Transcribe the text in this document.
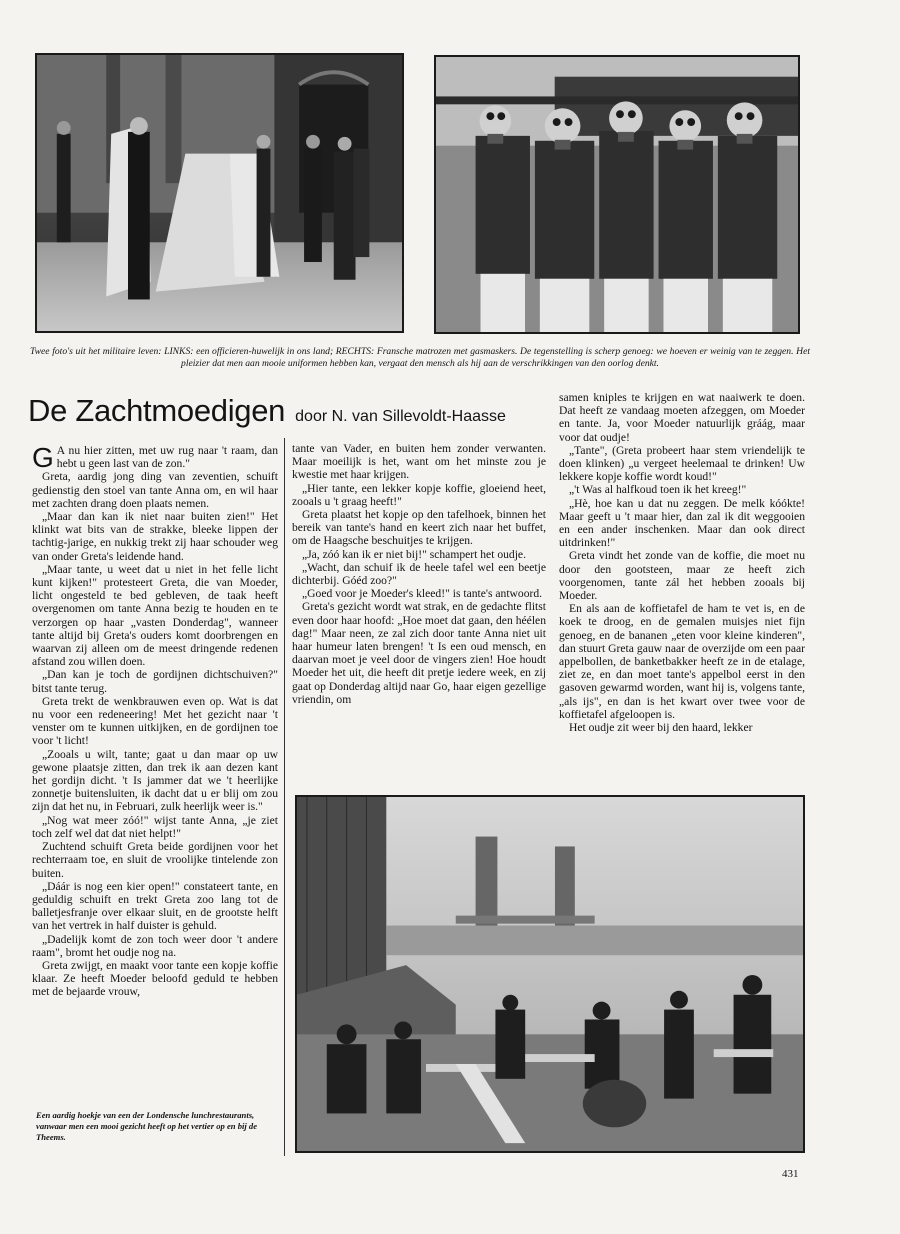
Twee foto's uit het militaire leven: LINKS: een officieren-huwelijk in ons land; RECHTS: Fransche matrozen met gasmaskers. De tegenstelling is scherp genoeg: we hoeven er weinig van te zeggen. Het pleizier dat men aan mooie uniformen hebben kan, vergaat den mensch als hij aan de verschrikkingen van den oorlog denkt.
De Zachtmoedigen door N. van Sillevoldt-Haasse

G A nu hier zitten, met uw rug naar 't raam, dan hebt u geen last van de zon."

Greta, aardig jong ding van zeventien, schuift gedienstig den stoel van tante Anna om, en wil haar met zachten drang doen plaats nemen.

„Maar dan kan ik niet naar buiten zien!" Het klinkt wat bits van de strakke, bleeke lippen der tachtig-jarige, en nukkig trekt zij haar schouder weg van onder Greta's leidende hand.

„Maar tante, u weet dat u niet in het felle licht kunt kijken!" protesteert Greta, die van Moeder, licht ongesteld te bed gebleven, de taak heeft overgenomen om tante Anna bezig te houden en te verzorgen op haar „vasten Donderdag", wanneer tante altijd bij Greta's ouders komt doorbrengen en waarvan zij alleen om de meest dringende redenen afstand zou willen doen.

„Dan kan je toch de gordijnen dichtschuiven?" bitst tante terug.

Greta trekt de wenkbrauwen even op. Wat is dat nu voor een redeneering! Met het gezicht naar 't venster om te kunnen uitkijken, en de gordijnen toe voor 't licht!

„Zooals u wilt, tante; gaat u dan maar op uw gewone plaatsje zitten, dan trek ik aan dezen kant het gordijn dicht. 't Is jammer dat we 't heerlijke zonnetje buitensluiten, ik dacht dat u er blij om zou zijn dat het nu, in Februari, zulk heerlijk weer is."

„Nog wat meer zóó!" wijst tante Anna, „je ziet toch zelf wel dat dat niet helpt!"

Zuchtend schuift Greta beide gordijnen voor het rechterraam toe, en sluit de vroolijke tintelende zon buiten.

„Dáár is nog een kier open!" constateert tante, en geduldig schuift en trekt Greta zoo lang tot de balletjesfranje over elkaar sluit, en de grootste helft van het vertrek in half duister is gehuld.

„Dadelijk komt de zon toch weer door 't andere raam", bromt het oudje nog na.

Greta zwijgt, en maakt voor tante een kopje koffie klaar. Ze heeft Moeder beloofd geduld te hebben met de bejaarde vrouw,

tante van Vader, en buiten hem zonder verwanten. Maar moeilijk is het, want om het minste zou je kwestie met haar krijgen.

„Hier tante, een lekker kopje koffie, gloeiend heet, zooals u 't graag heeft!"

Greta plaatst het kopje op den tafelhoek, binnen het bereik van tante's hand en keert zich naar het buffet, om de Haagsche beschuitjes te krijgen.

„Ja, zóó kan ik er niet bij!" schampert het oudje.

„Wacht, dan schuif ik de heele tafel wel een beetje dichterbij. Góéd zoo?"

„Goed voor je Moeder's kleed!" is tante's antwoord.

Greta's gezicht wordt wat strak, en de gedachte flitst even door haar hoofd: „Hoe moet dat gaan, den héélen dag!" Maar neen, ze zal zich door tante Anna niet uit haar humeur laten brengen! 't Is een oud mensch, en daarvan moet je veel door de vingers zien! Hoe houdt Moeder het uit, die heeft dit pretje iedere week, en zij gaat op Donderdag altijd naar Go, haar eigen gezellige vriendin, om

samen kniples te krijgen en wat naaiwerk te doen. Dat heeft ze vandaag moeten afzeggen, om Moeder en tante. Ja, voor Moeder natuurlijk gráág, maar voor dat oudje!

„Tante", (Greta probeert haar stem vriendelijk te doen klinken) „u vergeet heelemaal te drinken! Uw lekkere kopje koffie wordt koud!"

„'t Was al halfkoud toen ik het kreeg!"

„Hè, hoe kan u dat nu zeggen. De melk kóókte! Maar geeft u 't maar hier, dan zal ik dit weggooien en een ander inschenken. Maar dan ook direct uitdrinken!"

Greta vindt het zonde van de koffie, die moet nu door den gootsteen, maar ze heeft zich voorgenomen, tante zál het hebben zooals bij Moeder.

En als aan de koffietafel de ham te vet is, en de koek te droog, en de gemalen muisjes niet fijn genoeg, en de bananen „eten voor kleine kinderen", dan stuurt Greta gauw naar de overzijde om een paar appelbollen, de banketbakker heeft ze in de etalage, ziet ze, en dan moet tante's appelbol eerst in den gasoven gewarmd worden, want hij is, volgens tante, „als ijs", en dan is het kwart over twee voor de koffietafel afgeloopen is.

Het oudje zit weer bij den haard, lekker

Een aardig hoekje van een der Londensche lunchrestaurants, vanwaar men een mooi gezicht heeft op het vertier op en bij de Theems.
431
